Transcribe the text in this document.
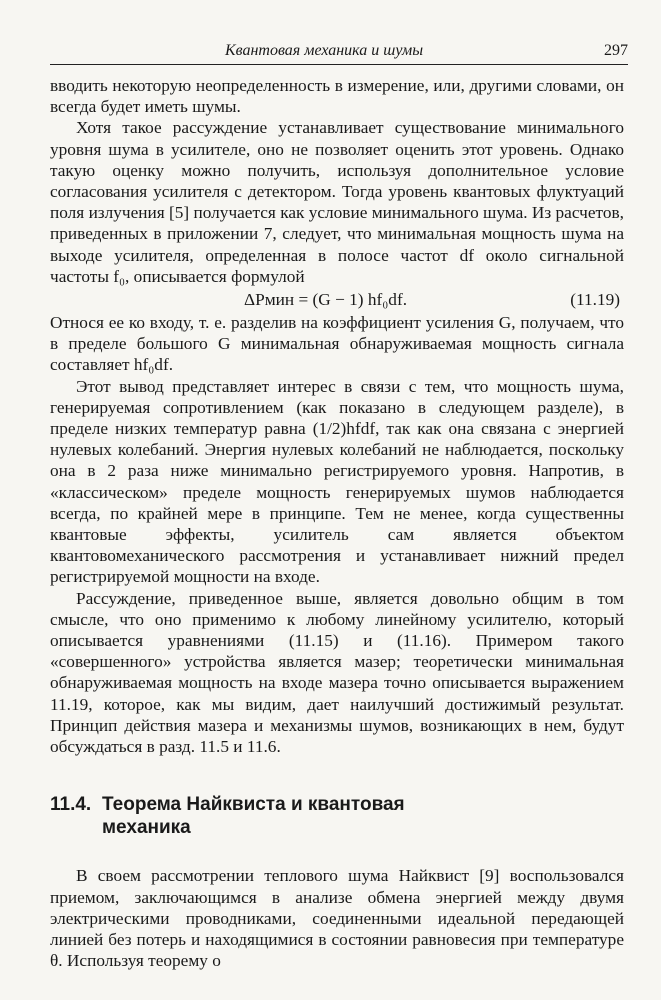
Квантовая механика и шумы	297

вводить некоторую неопределенность в измерение, или, другими словами, он всегда будет иметь шумы.

Хотя такое рассуждение устанавливает существование минимального уровня шума в усилителе, оно не позволяет оценить этот уровень. Однако такую оценку можно получить, используя дополнительное условие согласования усилителя с детектором. Тогда уровень квантовых флуктуаций поля излучения [5] получается как условие минимального шума. Из расчетов, приведенных в приложении 7, следует, что минимальная мощность шума на выходе усилителя, определенная в полосе частот df около сигнальной частоты f₀, описывается формулой

ΔPмин = (G − 1) hf₀df.	(11.19)

Относя ее ко входу, т. е. разделив на коэффициент усиления G, получаем, что в пределе большого G минимальная обнаруживаемая мощность сигнала составляет hf₀df.

Этот вывод представляет интерес в связи с тем, что мощность шума, генерируемая сопротивлением (как показано в следующем разделе), в пределе низких температур равна (1/2)hfdf, так как она связана с энергией нулевых колебаний. Энергия нулевых колебаний не наблюдается, поскольку она в 2 раза ниже минимально регистрируемого уровня. Напротив, в «классическом» пределе мощность генерируемых шумов наблюдается всегда, по крайней мере в принципе. Тем не менее, когда существенны квантовые эффекты, усилитель сам является объектом квантовомеханического рассмотрения и устанавливает нижний предел регистрируемой мощности на входе.

Рассуждение, приведенное выше, является довольно общим в том смысле, что оно применимо к любому линейному усилителю, который описывается уравнениями (11.15) и (11.16). Примером такого «совершенного» устройства является мазер; теоретически минимальная обнаруживаемая мощность на входе мазера точно описывается выражением 11.19, которое, как мы видим, дает наилучший достижимый результат. Принцип действия мазера и механизмы шумов, возникающих в нем, будут обсуждаться в разд. 11.5 и 11.6.

11.4. Теорема Найквиста и квантовая
механика

В своем рассмотрении теплового шума Найквист [9] воспользовался приемом, заключающимся в анализе обмена энергией между двумя электрическими проводниками, соединенными идеальной передающей линией без потерь и находящимися в состоянии равновесия при температуре θ. Используя теорему о
